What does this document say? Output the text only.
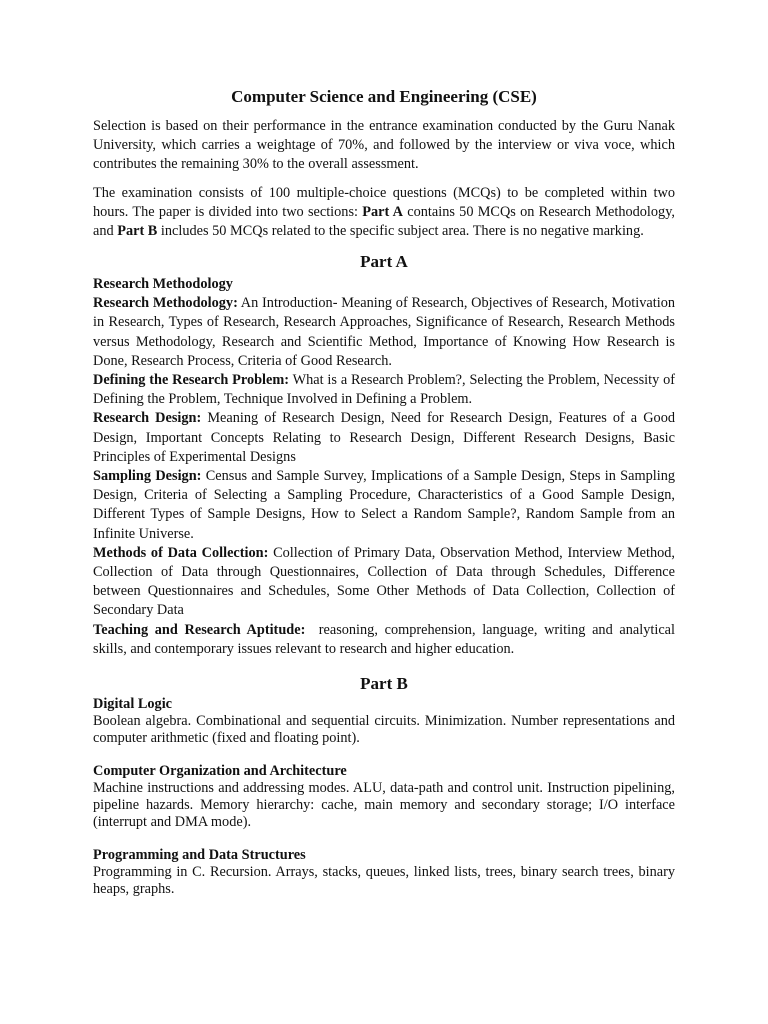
Computer Science and Engineering (CSE)

Selection is based on their performance in the entrance examination conducted by the Guru Nanak University, which carries a weightage of 70%, and followed by the interview or viva voce, which contributes the remaining 30% to the overall assessment.

The examination consists of 100 multiple-choice questions (MCQs) to be completed within two hours. The paper is divided into two sections: Part A contains 50 MCQs on Research Methodology, and Part B includes 50 MCQs related to the specific subject area. There is no negative marking.

Part A
Research Methodology

Research Methodology: An Introduction- Meaning of Research, Objectives of Research, Motivation in Research, Types of Research, Research Approaches, Significance of Research, Research Methods versus Methodology, Research and Scientific Method, Importance of Knowing How Research is Done, Research Process, Criteria of Good Research.

Defining the Research Problem: What is a Research Problem?, Selecting the Problem, Necessity of Defining the Problem, Technique Involved in Defining a Problem.

Research Design: Meaning of Research Design, Need for Research Design, Features of a Good Design, Important Concepts Relating to Research Design, Different Research Designs, Basic Principles of Experimental Designs

Sampling Design: Census and Sample Survey, Implications of a Sample Design, Steps in Sampling Design, Criteria of Selecting a Sampling Procedure, Characteristics of a Good Sample Design, Different Types of Sample Designs, How to Select a Random Sample?, Random Sample from an Infinite Universe.

Methods of Data Collection: Collection of Primary Data, Observation Method, Interview Method, Collection of Data through Questionnaires, Collection of Data through Schedules, Difference between Questionnaires and Schedules, Some Other Methods of Data Collection, Collection of Secondary Data

Teaching and Research Aptitude:  reasoning, comprehension, language, writing and analytical skills, and contemporary issues relevant to research and higher education.

Part B
Digital Logic

Boolean algebra. Combinational and sequential circuits. Minimization. Number representations and computer arithmetic (fixed and floating point).

Computer Organization and Architecture

Machine instructions and addressing modes. ALU, data-path and control unit. Instruction pipelining, pipeline hazards. Memory hierarchy: cache, main memory and secondary storage; I/O interface (interrupt and DMA mode).

Programming and Data Structures

Programming in C. Recursion. Arrays, stacks, queues, linked lists, trees, binary search trees, binary heaps, graphs.
